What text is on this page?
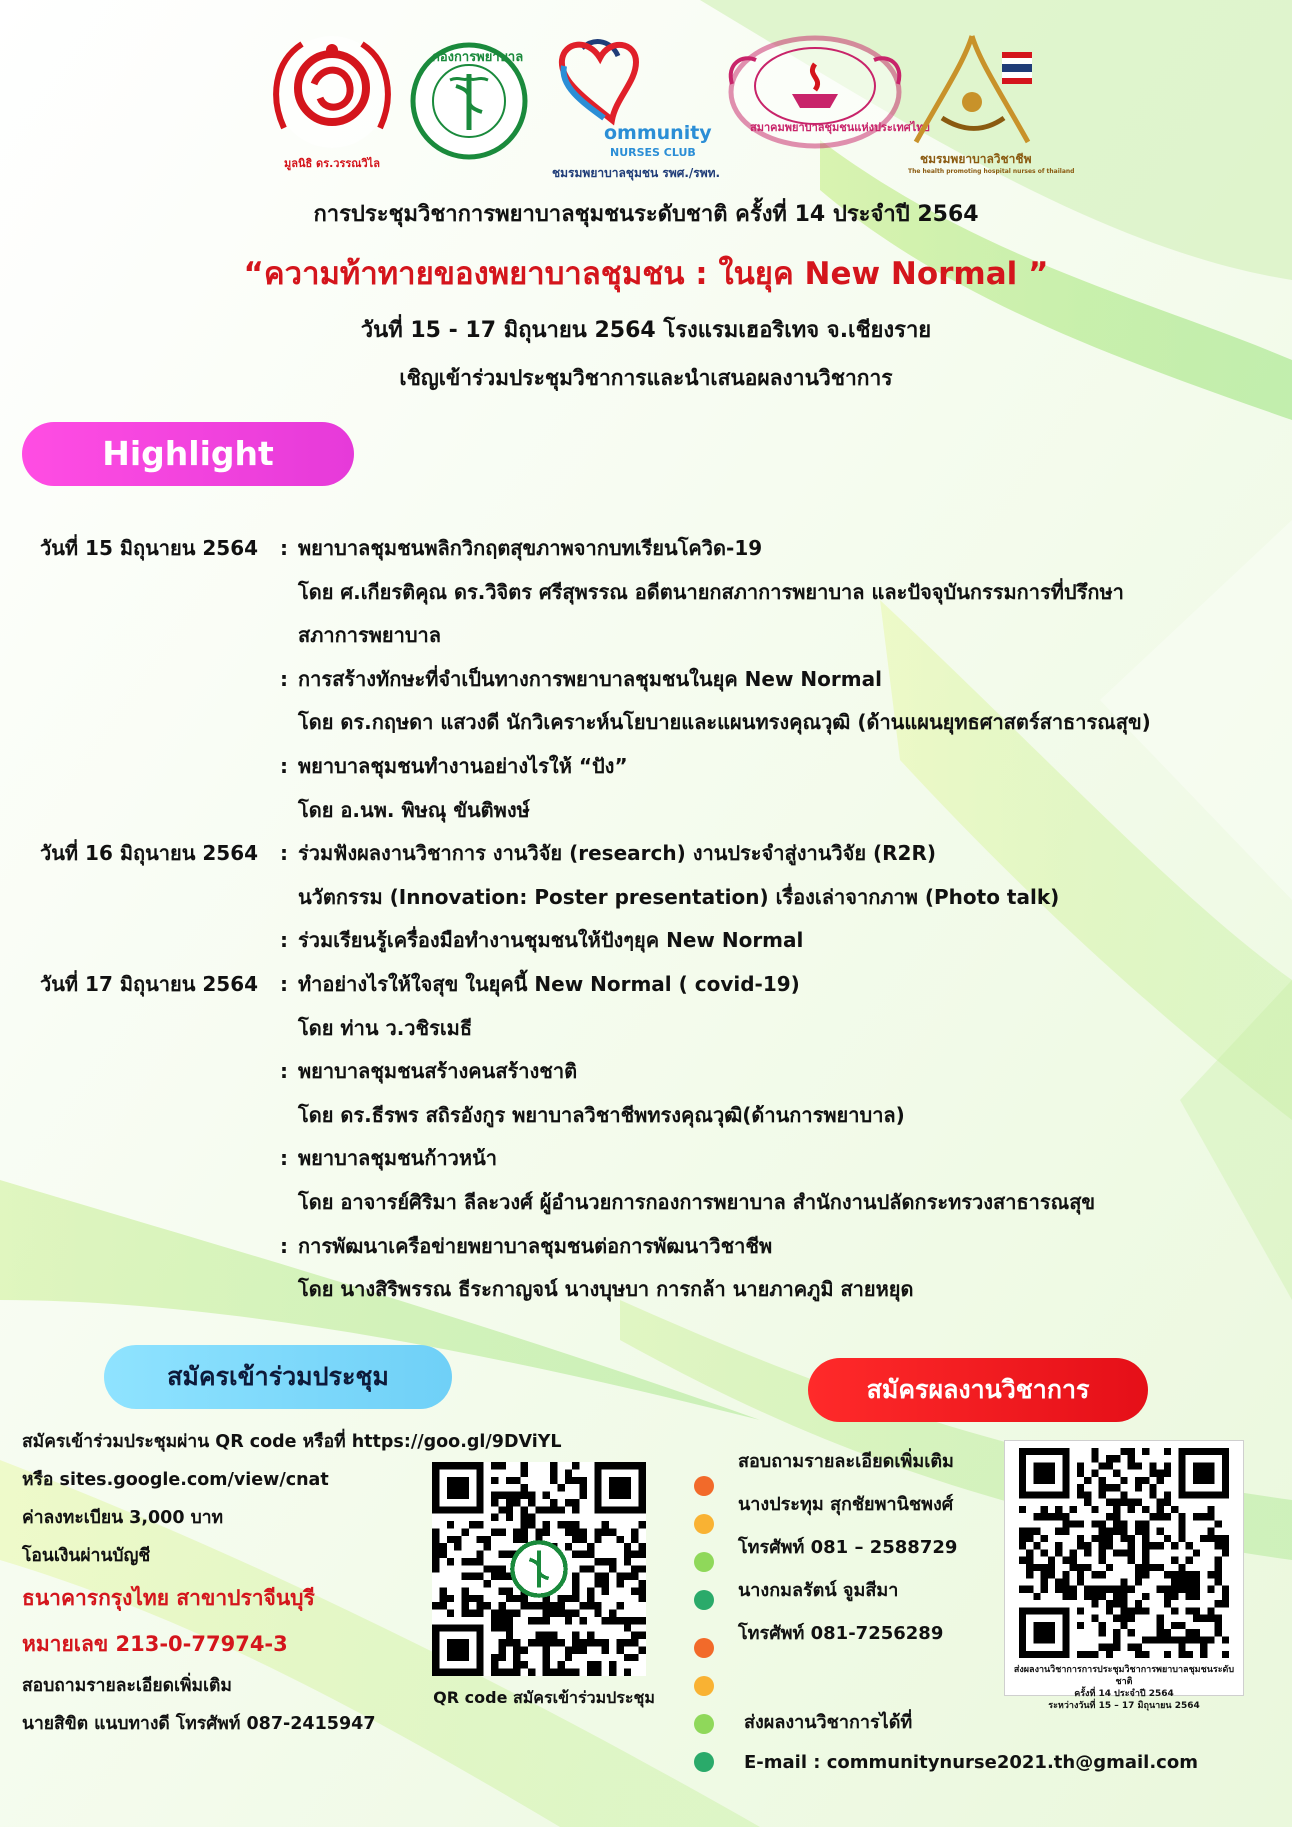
มูลนิธิ ดร.วรรณวิไล
กองการพยาบาล
ommunity
NURSES CLUB
ชมรมพยาบาลชุมชน รพศ./รพท.
สมาคมพยาบาลชุมชนแห่งประเทศไทย
ชมรมพยาบาลวิชาชีพ
The health promoting hospital nurses of thailand
การประชุมวิชาการพยาบาลชุมชนระดับชาติ ครั้งที่ 14 ประจำปี 2564
“ความท้าทายของพยาบาลชุมชน : ในยุค New Normal ”
วันที่ 15 - 17 มิถุนายน 2564 โรงแรมเฮอริเทจ จ.เชียงราย
เชิญเข้าร่วมประชุมวิชาการและนำเสนอผลงานวิชาการ
Highlight
วันที่ 15 มิถุนายน 2564	: พยาบาลชุมชนพลิกวิกฤตสุขภาพจากบทเรียนโควิด-19
โดย ศ.เกียรติคุณ ดร.วิจิตร ศรีสุพรรณ อดีตนายกสภาการพยาบาล และปัจจุบันกรรมการที่ปรึกษา
สภาการพยาบาล
: การสร้างทักษะที่จำเป็นทางการพยาบาลชุมชนในยุค New Normal
โดย ดร.กฤษดา แสวงดี นักวิเคราะห์นโยบายและแผนทรงคุณวุฒิ (ด้านแผนยุทธศาสตร์สาธารณสุข)
: พยาบาลชุมชนทำงานอย่างไรให้ “ปัง”
โดย อ.นพ. พิษณุ ขันติพงษ์
วันที่ 16 มิถุนายน 2564	: ร่วมฟังผลงานวิชาการ งานวิจัย (research) งานประจำสู่งานวิจัย (R2R)
นวัตกรรม (Innovation: Poster presentation) เรื่องเล่าจากภาพ (Photo talk)
: ร่วมเรียนรู้เครื่องมือทำงานชุมชนให้ปังๆยุค New Normal
วันที่ 17 มิถุนายน 2564	: ทำอย่างไรให้ใจสุข ในยุคนี้ New Normal ( covid-19)
โดย ท่าน ว.วชิรเมธี
: พยาบาลชุมชนสร้างคนสร้างชาติ
โดย ดร.ธีรพร สถิรอังกูร พยาบาลวิชาชีพทรงคุณวุฒิ(ด้านการพยาบาล)
: พยาบาลชุมชนก้าวหน้า
โดย อาจารย์ศิริมา ลีละวงศ์ ผู้อำนวยการกองการพยาบาล สำนักงานปลัดกระทรวงสาธารณสุข
: การพัฒนาเครือข่ายพยาบาลชุมชนต่อการพัฒนาวิชาชีพ
โดย นางสิริพรรณ ธีระกาญจน์ นางบุษบา การกล้า นายภาคภูมิ สายหยุด
สมัครเข้าร่วมประชุม	สมัครผลงานวิชาการ
สมัครเข้าร่วมประชุมผ่าน QR code หรือที่ https://goo.gl/9DViYL
หรือ sites.google.com/view/cnat
ค่าลงทะเบียน 3,000 บาท
โอนเงินผ่านบัญชี
ธนาคารกรุงไทย สาขาปราจีนบุรี
หมายเลข 213-0-77974-3
สอบถามรายละเอียดเพิ่มเติม
นายสิขิต แนบทางดี โทรศัพท์ 087-2415947
QR code สมัครเข้าร่วมประชุม
สอบถามรายละเอียดเพิ่มเติม
นางประทุม สุกชัยพานิชพงศ์
โทรศัพท์ 081 – 2588729
นางกมลรัตน์ จูมสีมา
โทรศัพท์ 081-7256289
ส่งผลงานวิชาการการประชุมวิชาการพยาบาลชุมชนระดับชาติ
ครั้งที่ 14 ประจำปี 2564
ระหว่างวันที่ 15 – 17 มิถุนายน 2564
ส่งผลงานวิชาการได้ที่
E-mail : communitynurse2021.th@gmail.com
